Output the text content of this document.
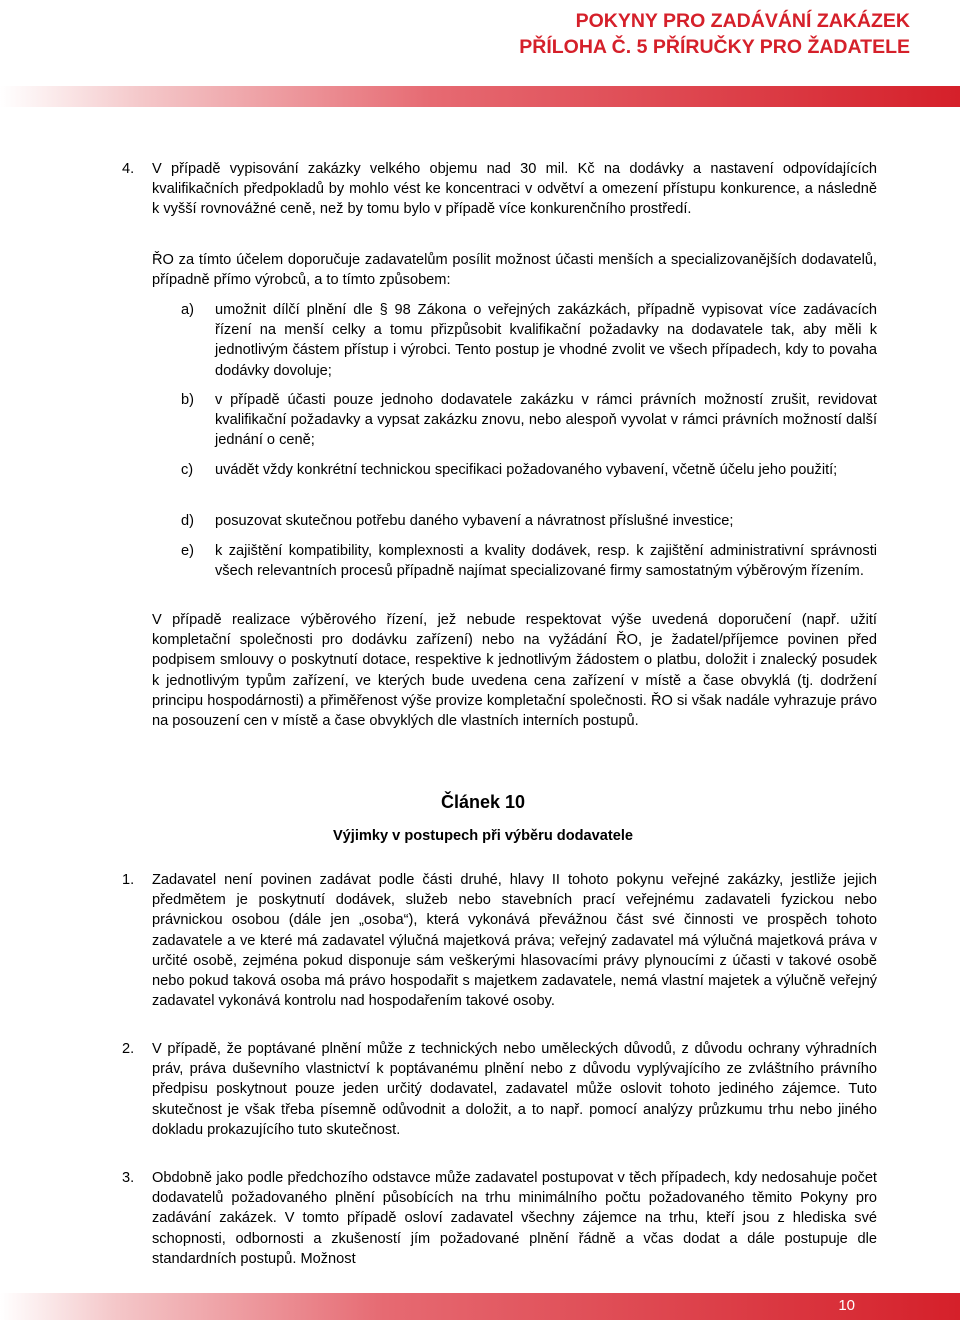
POKYNY PRO ZADÁVÁNÍ ZAKÁZEK
PŘÍLOHA Č. 5 PŘÍRUČKY PRO ŽADATELE
4. V případě vypisování zakázky velkého objemu nad 30 mil. Kč na dodávky a nastavení odpovídajících kvalifikačních předpokladů by mohlo vést ke koncentraci v odvětví a omezení přístupu konkurence, a následně k vyšší rovnovážné ceně, než by tomu bylo v případě více konkurenčního prostředí.
ŘO za tímto účelem doporučuje zadavatelům posílit možnost účasti menších a specializovanějších dodavatelů, případně přímo výrobců, a to tímto způsobem:
a) umožnit dílčí plnění dle § 98 Zákona o veřejných zakázkách, případně vypisovat více zadávacích řízení na menší celky a tomu přizpůsobit kvalifikační požadavky na dodavatele tak, aby měli k jednotlivým částem přístup i výrobci. Tento postup je vhodné zvolit ve všech případech, kdy to povaha dodávky dovoluje;
b) v případě účasti pouze jednoho dodavatele zakázku v rámci právních možností zrušit, revidovat kvalifikační požadavky a vypsat zakázku znovu, nebo alespoň vyvolat v rámci právních možností další jednání o ceně;
c) uvádět vždy konkrétní technickou specifikaci požadovaného vybavení, včetně účelu jeho použití;
d) posuzovat skutečnou potřebu daného vybavení a návratnost příslušné investice;
e) k zajištění kompatibility, komplexnosti a kvality dodávek, resp. k zajištění administrativní správnosti všech relevantních procesů případně najímat specializované firmy samostatným výběrovým řízením.
V případě realizace výběrového řízení, jež nebude respektovat výše uvedená doporučení (např. užití kompletační společnosti pro dodávku zařízení) nebo na vyžádání ŘO, je žadatel/příjemce povinen před podpisem smlouvy o poskytnutí dotace, respektive k jednotlivým žádostem o platbu, doložit i znalecký posudek k jednotlivým typům zařízení, ve kterých bude uvedena cena zařízení v místě a čase obvyklá (tj. dodržení principu hospodárnosti) a přiměřenost výše provize kompletační společnosti. ŘO si však nadále vyhrazuje právo na posouzení cen v místě a čase obvyklých dle vlastních interních postupů.
Článek 10
Výjimky v postupech při výběru dodavatele
1. Zadavatel není povinen zadávat podle části druhé, hlavy II tohoto pokynu veřejné zakázky, jestliže jejich předmětem je poskytnutí dodávek, služeb nebo stavebních prací veřejnému zadavateli fyzickou nebo právnickou osobou (dále jen „osoba“), která vykonává převážnou část své činnosti ve prospěch tohoto zadavatele a ve které má zadavatel výlučná majetková práva; veřejný zadavatel má výlučná majetková práva v určité osobě, zejména pokud disponuje sám veškerými hlasovacími právy plynoucími z účasti v takové osobě nebo pokud taková osoba má právo hospodařit s majetkem zadavatele, nemá vlastní majetek a výlučně veřejný zadavatel vykonává kontrolu nad hospodařením takové osoby.
2. V případě, že poptávané plnění může z technických nebo uměleckých důvodů, z důvodu ochrany výhradních práv, práva duševního vlastnictví k poptávanému plnění nebo z důvodu vyplývajícího ze zvláštního právního předpisu poskytnout pouze jeden určitý dodavatel, zadavatel může oslovit tohoto jediného zájemce. Tuto skutečnost je však třeba písemně odůvodnit a doložit, a to např. pomocí analýzy průzkumu trhu nebo jiného dokladu prokazujícího tuto skutečnost.
3. Obdobně jako podle předchozího odstavce může zadavatel postupovat v těch případech, kdy nedosahuje počet dodavatelů požadovaného plnění působících na trhu minimálního počtu požadovaného těmito Pokyny pro zadávání zakázek. V tomto případě osloví zadavatel všechny zájemce na trhu, kteří jsou z hlediska své schopnosti, odbornosti a zkušeností jím požadované plnění řádně a včas dodat a dále postupuje dle standardních postupů. Možnost
10
